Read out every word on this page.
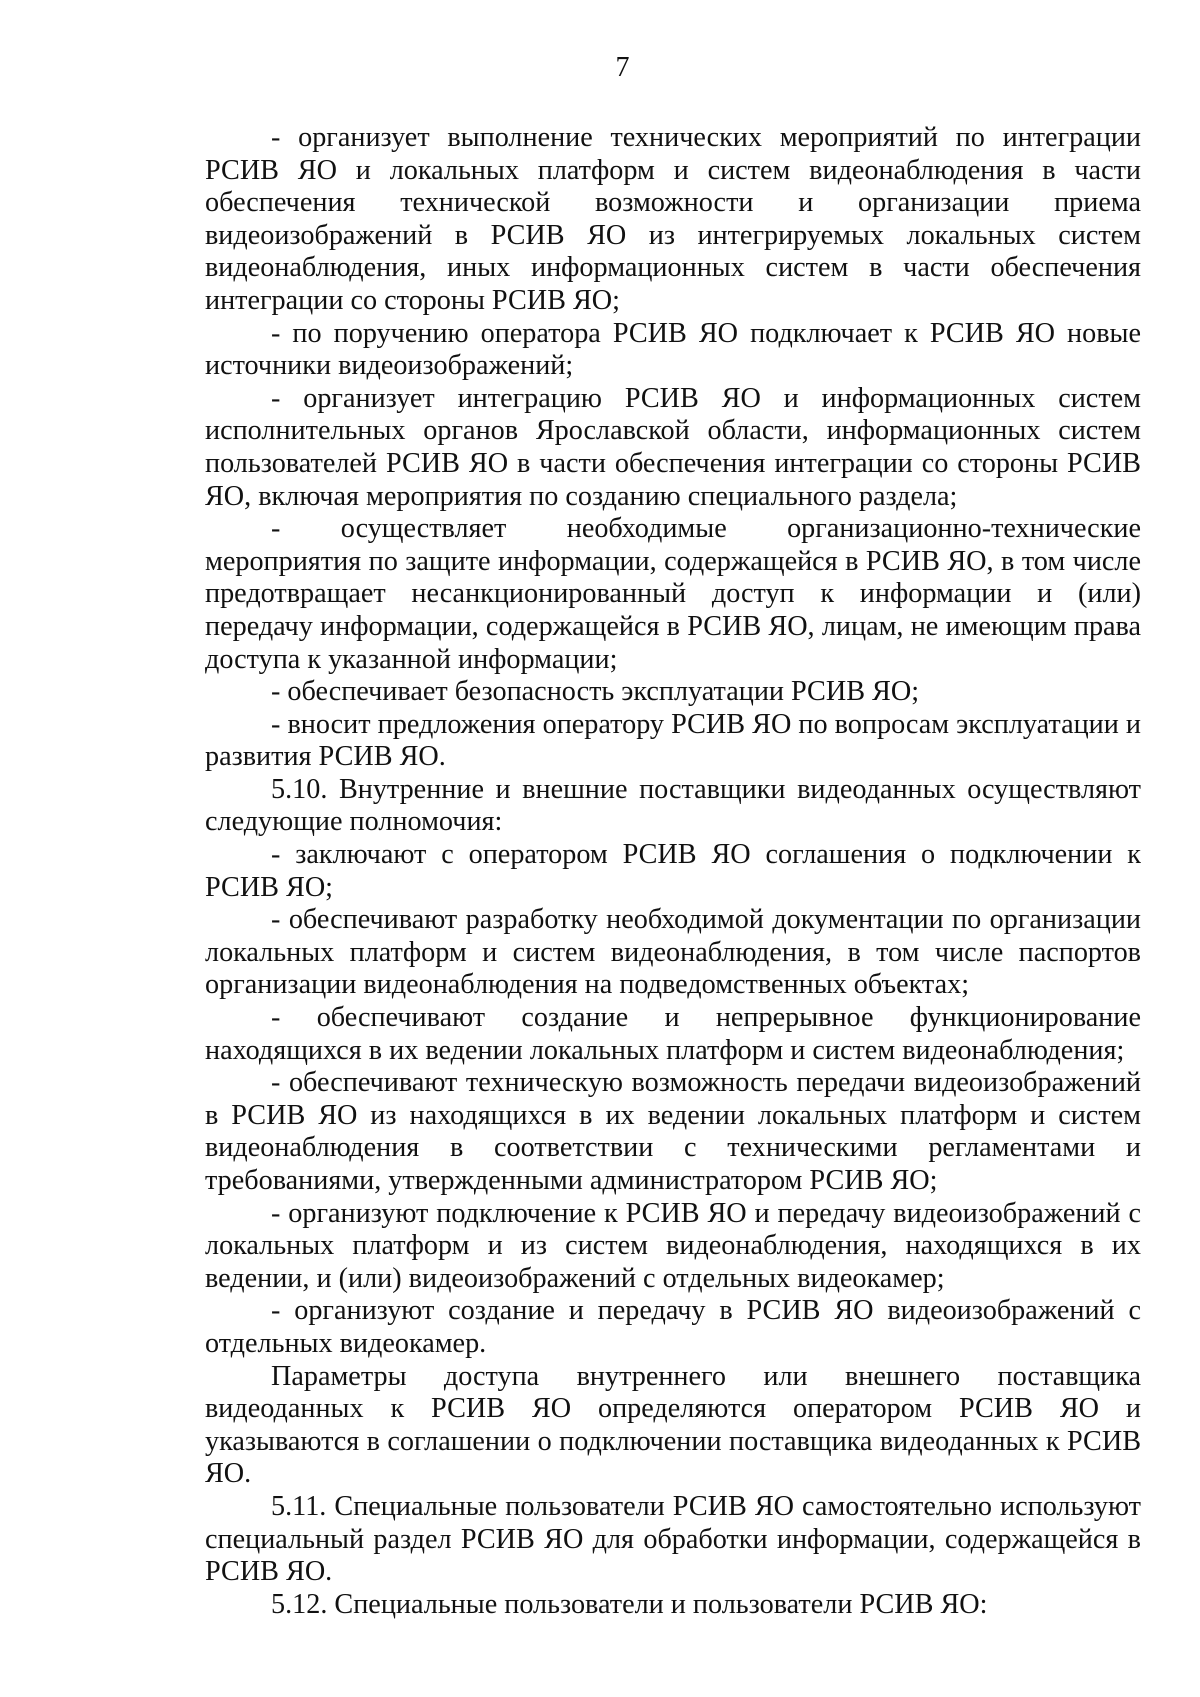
7

- организует выполнение технических мероприятий по интеграции РСИВ ЯО и локальных платформ и систем видеонаблюдения в части обеспечения технической возможности и организации приема видеоизображений в РСИВ ЯО из интегрируемых локальных систем видеонаблюдения, иных информационных систем в части обеспечения интеграции со стороны РСИВ ЯО;

- по поручению оператора РСИВ ЯО подключает к РСИВ ЯО новые источники видеоизображений;

- организует интеграцию РСИВ ЯО и информационных систем исполнительных органов Ярославской области, информационных систем пользователей РСИВ ЯО в части обеспечения интеграции со стороны РСИВ ЯО, включая мероприятия по созданию специального раздела;

- осуществляет необходимые организационно-технические мероприятия по защите информации, содержащейся в РСИВ ЯО, в том числе предотвращает несанкционированный доступ к информации и (или) передачу информации, содержащейся в РСИВ ЯО, лицам, не имеющим права доступа к указанной информации;

- обеспечивает безопасность эксплуатации РСИВ ЯО;

- вносит предложения оператору РСИВ ЯО по вопросам эксплуатации и развития РСИВ ЯО.

5.10. Внутренние и внешние поставщики видеоданных осуществляют следующие полномочия:

- заключают с оператором РСИВ ЯО соглашения о подключении к РСИВ ЯО;

- обеспечивают разработку необходимой документации по организации локальных платформ и систем видеонаблюдения, в том числе паспортов организации видеонаблюдения на подведомственных объектах;

- обеспечивают создание и непрерывное функционирование находящихся в их ведении локальных платформ и систем видеонаблюдения;

- обеспечивают техническую возможность передачи видеоизображений в РСИВ ЯО из находящихся в их ведении локальных платформ и систем видеонаблюдения в соответствии с техническими регламентами и требованиями, утвержденными администратором РСИВ ЯО;

- организуют подключение к РСИВ ЯО и передачу видеоизображений с локальных платформ и из систем видеонаблюдения, находящихся в их ведении, и (или) видеоизображений с отдельных видеокамер;

- организуют создание и передачу в РСИВ ЯО видеоизображений с отдельных видеокамер.

Параметры доступа внутреннего или внешнего поставщика видеоданных к РСИВ ЯО определяются оператором РСИВ ЯО и указываются в соглашении о подключении поставщика видеоданных к РСИВ ЯО.

5.11. Специальные пользователи РСИВ ЯО самостоятельно используют специальный раздел РСИВ ЯО для обработки информации, содержащейся в РСИВ ЯО.

5.12. Специальные пользователи и пользователи РСИВ ЯО:
